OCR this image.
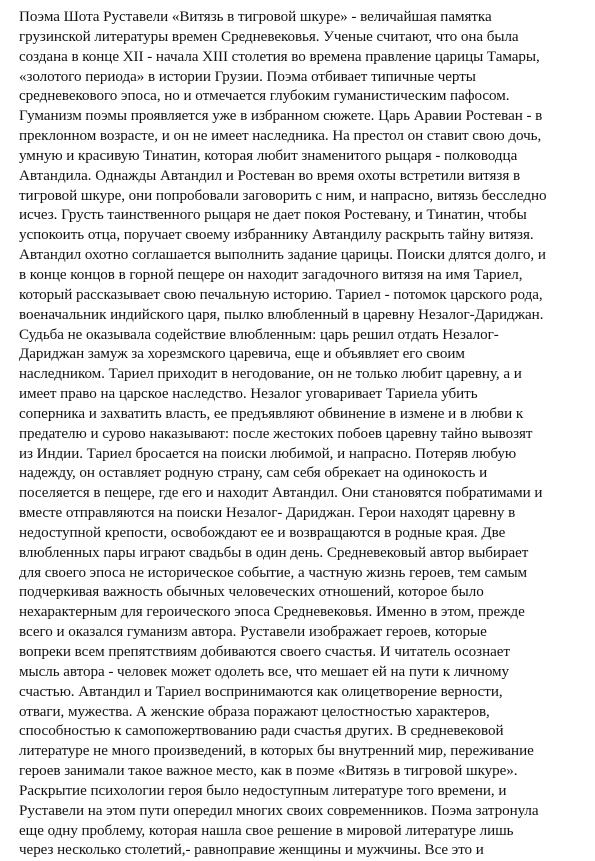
Поэма Шота Руставели «Витязь в тигровой шкуре» - величайшая памятка
грузинской литературы времен Средневековья. Ученые считают, что она была
создана в конце XII - начала XIII столетия во времена правление царицы Тамары,
«золотого периода» в истории Грузии. Поэма отбивает типичные черты
средневекового эпоса, но и отмечается глубоким гуманистическим пафосом.
Гуманизм поэмы проявляется уже в избранном сюжете. Царь Аравии Ростеван - в
преклонном возрасте, и он не имеет наследника. На престол он ставит свою дочь,
умную и красивую Тинатин, которая любит знаменитого рыцаря - полководца
Автандила. Однажды Автандил и Ростеван во время охоты встретили витязя в
тигровой шкуре, они попробовали заговорить с ним, и напрасно, витязь бесследно
исчез. Грусть таинственного рыцаря не дает покоя Ростевану, и Тинатин, чтобы
успокоить отца, поручает своему избраннику Автандилу раскрыть тайну витязя.
Автандил охотно соглашается выполнить задание царицы. Поиски длятся долго, и
в конце концов в горной пещере он находит загадочного витязя на имя Тариел,
который рассказывает свою печальную историю. Тариел - потомок царского рода,
военачальник индийского царя, пылко влюбленный в царевну Незалог-Дариджан.
Судьба не оказывала содействие влюбленным: царь решил отдать Незалог-
Дариджан замуж за хорезмского царевича, еще и объявляет его своим
наследником. Тариел приходит в негодование, он не только любит царевну, а и
имеет право на царское наследство. Незалог уговаривает Тариела убить
соперника и захватить власть, ее предъявляют обвинение в измене и в любви к
предателю и сурово наказывают: после жестоких побоев царевну тайно вывозят
из Индии. Тариел бросается на поиски любимой, и напрасно. Потеряв любую
надежду, он оставляет родную страну, сам себя обрекает на одинокость и
поселяется в пещере, где его и находит Автандил. Они становятся побратимами и
вместе отправляются на поиски Незалог- Дариджан. Герои находят царевну в
недоступной крепости, освобождают ее и возвращаются в родные края. Две
влюбленных пары играют свадьбы в один день. Средневековый автор выбирает
для своего эпоса не историческое событие, а частную жизнь героев, тем самым
подчеркивая важность обычных человеческих отношений, которое было
нехарактерным для героического эпоса Средневековья. Именно в этом, прежде
всего и оказался гуманизм автора. Руставели изображает героев, которые
вопреки всем препятствиям добиваются своего счастья. И читатель осознает
мысль автора - человек может одолеть все, что мешает ей на пути к личному
счастью. Автандил и Тариел воспринимаются как олицетворение верности,
отваги, мужества. А женские образа поражают целостностью характеров,
способностью к самопожертвованию ради счастья других. В средневековой
литературе не много произведений, в которых бы внутренний мир, переживание
героев занимали такое важное место, как в поэме «Витязь в тигровой шкуре».
Раскрытие психологии героя было недоступным литературе того времени, и
Руставели на этом пути опередил многих своих современников. Поэма затронула
еще одну проблему, которая нашла свое решение в мировой литературе лишь
через несколько столетий,- равноправие женщины и мужчины. Все это и
